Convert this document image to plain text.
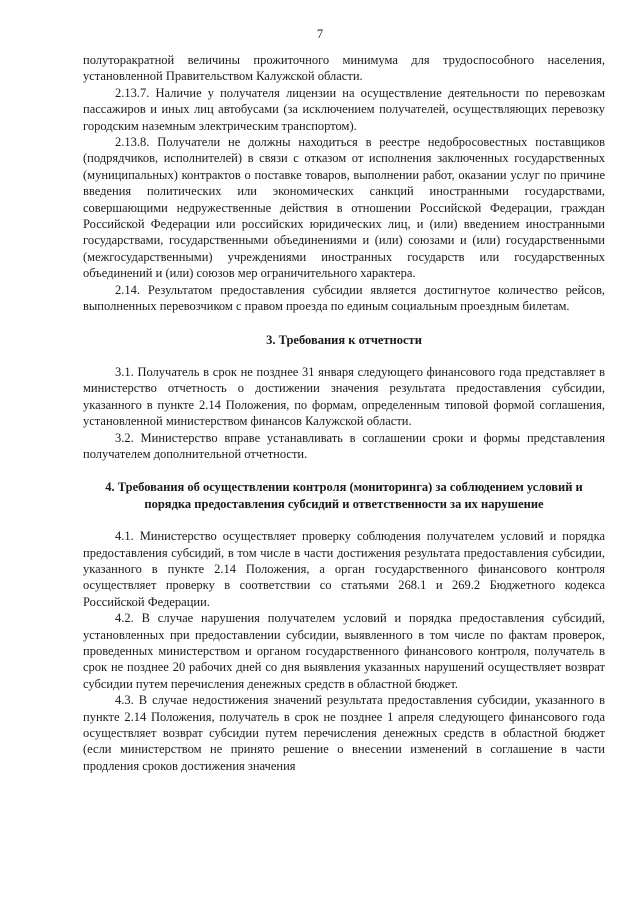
7

полуторакратной величины прожиточного минимума для трудоспособного населения, установленной Правительством Калужской области.

2.13.7. Наличие у получателя лицензии на осуществление деятельности по перевозкам пассажиров и иных лиц автобусами (за исключением получателей, осуществляющих перевозку городским наземным электрическим транспортом).

2.13.8. Получатели не должны находиться в реестре недобросовестных поставщиков (подрядчиков, исполнителей) в связи с отказом от исполнения заключенных государственных (муниципальных) контрактов о поставке товаров, выполнении работ, оказании услуг по причине введения политических или экономических санкций иностранными государствами, совершающими недружественные действия в отношении Российской Федерации, граждан Российской Федерации или российских юридических лиц, и (или) введением иностранными государствами, государственными объединениями и (или) союзами и (или) государственными (межгосударственными) учреждениями иностранных государств или государственных объединений и (или) союзов мер ограничительного характера.

2.14. Результатом предоставления субсидии является достигнутое количество рейсов, выполненных перевозчиком с правом проезда по единым социальным проездным билетам.

3. Требования к отчетности

3.1. Получатель в срок не позднее 31 января следующего финансового года представляет в министерство отчетность о достижении значения результата предоставления субсидии, указанного в пункте 2.14 Положения, по формам, определенным типовой формой соглашения, установленной министерством финансов Калужской области.

3.2. Министерство вправе устанавливать в соглашении сроки и формы представления получателем дополнительной отчетности.

4. Требования об осуществлении контроля (мониторинга) за соблюдением условий и порядка предоставления субсидий и ответственности за их нарушение

4.1. Министерство осуществляет проверку соблюдения получателем условий и порядка предоставления субсидий, в том числе в части достижения результата предоставления субсидии, указанного в пункте 2.14 Положения, а орган государственного финансового контроля осуществляет проверку в соответствии со статьями 268.1 и 269.2 Бюджетного кодекса Российской Федерации.

4.2. В случае нарушения получателем условий и порядка предоставления субсидий, установленных при предоставлении субсидии, выявленного в том числе по фактам проверок, проведенных министерством и органом государственного финансового контроля, получатель в срок не позднее 20 рабочих дней со дня выявления указанных нарушений осуществляет возврат субсидии путем перечисления денежных средств в областной бюджет.

4.3. В случае недостижения значений результата предоставления субсидии, указанного в пункте 2.14 Положения, получатель в срок не позднее 1 апреля следующего финансового года осуществляет возврат субсидии путем перечисления денежных средств в областной бюджет (если министерством не принято решение о внесении изменений в соглашение в части продления сроков достижения значения
